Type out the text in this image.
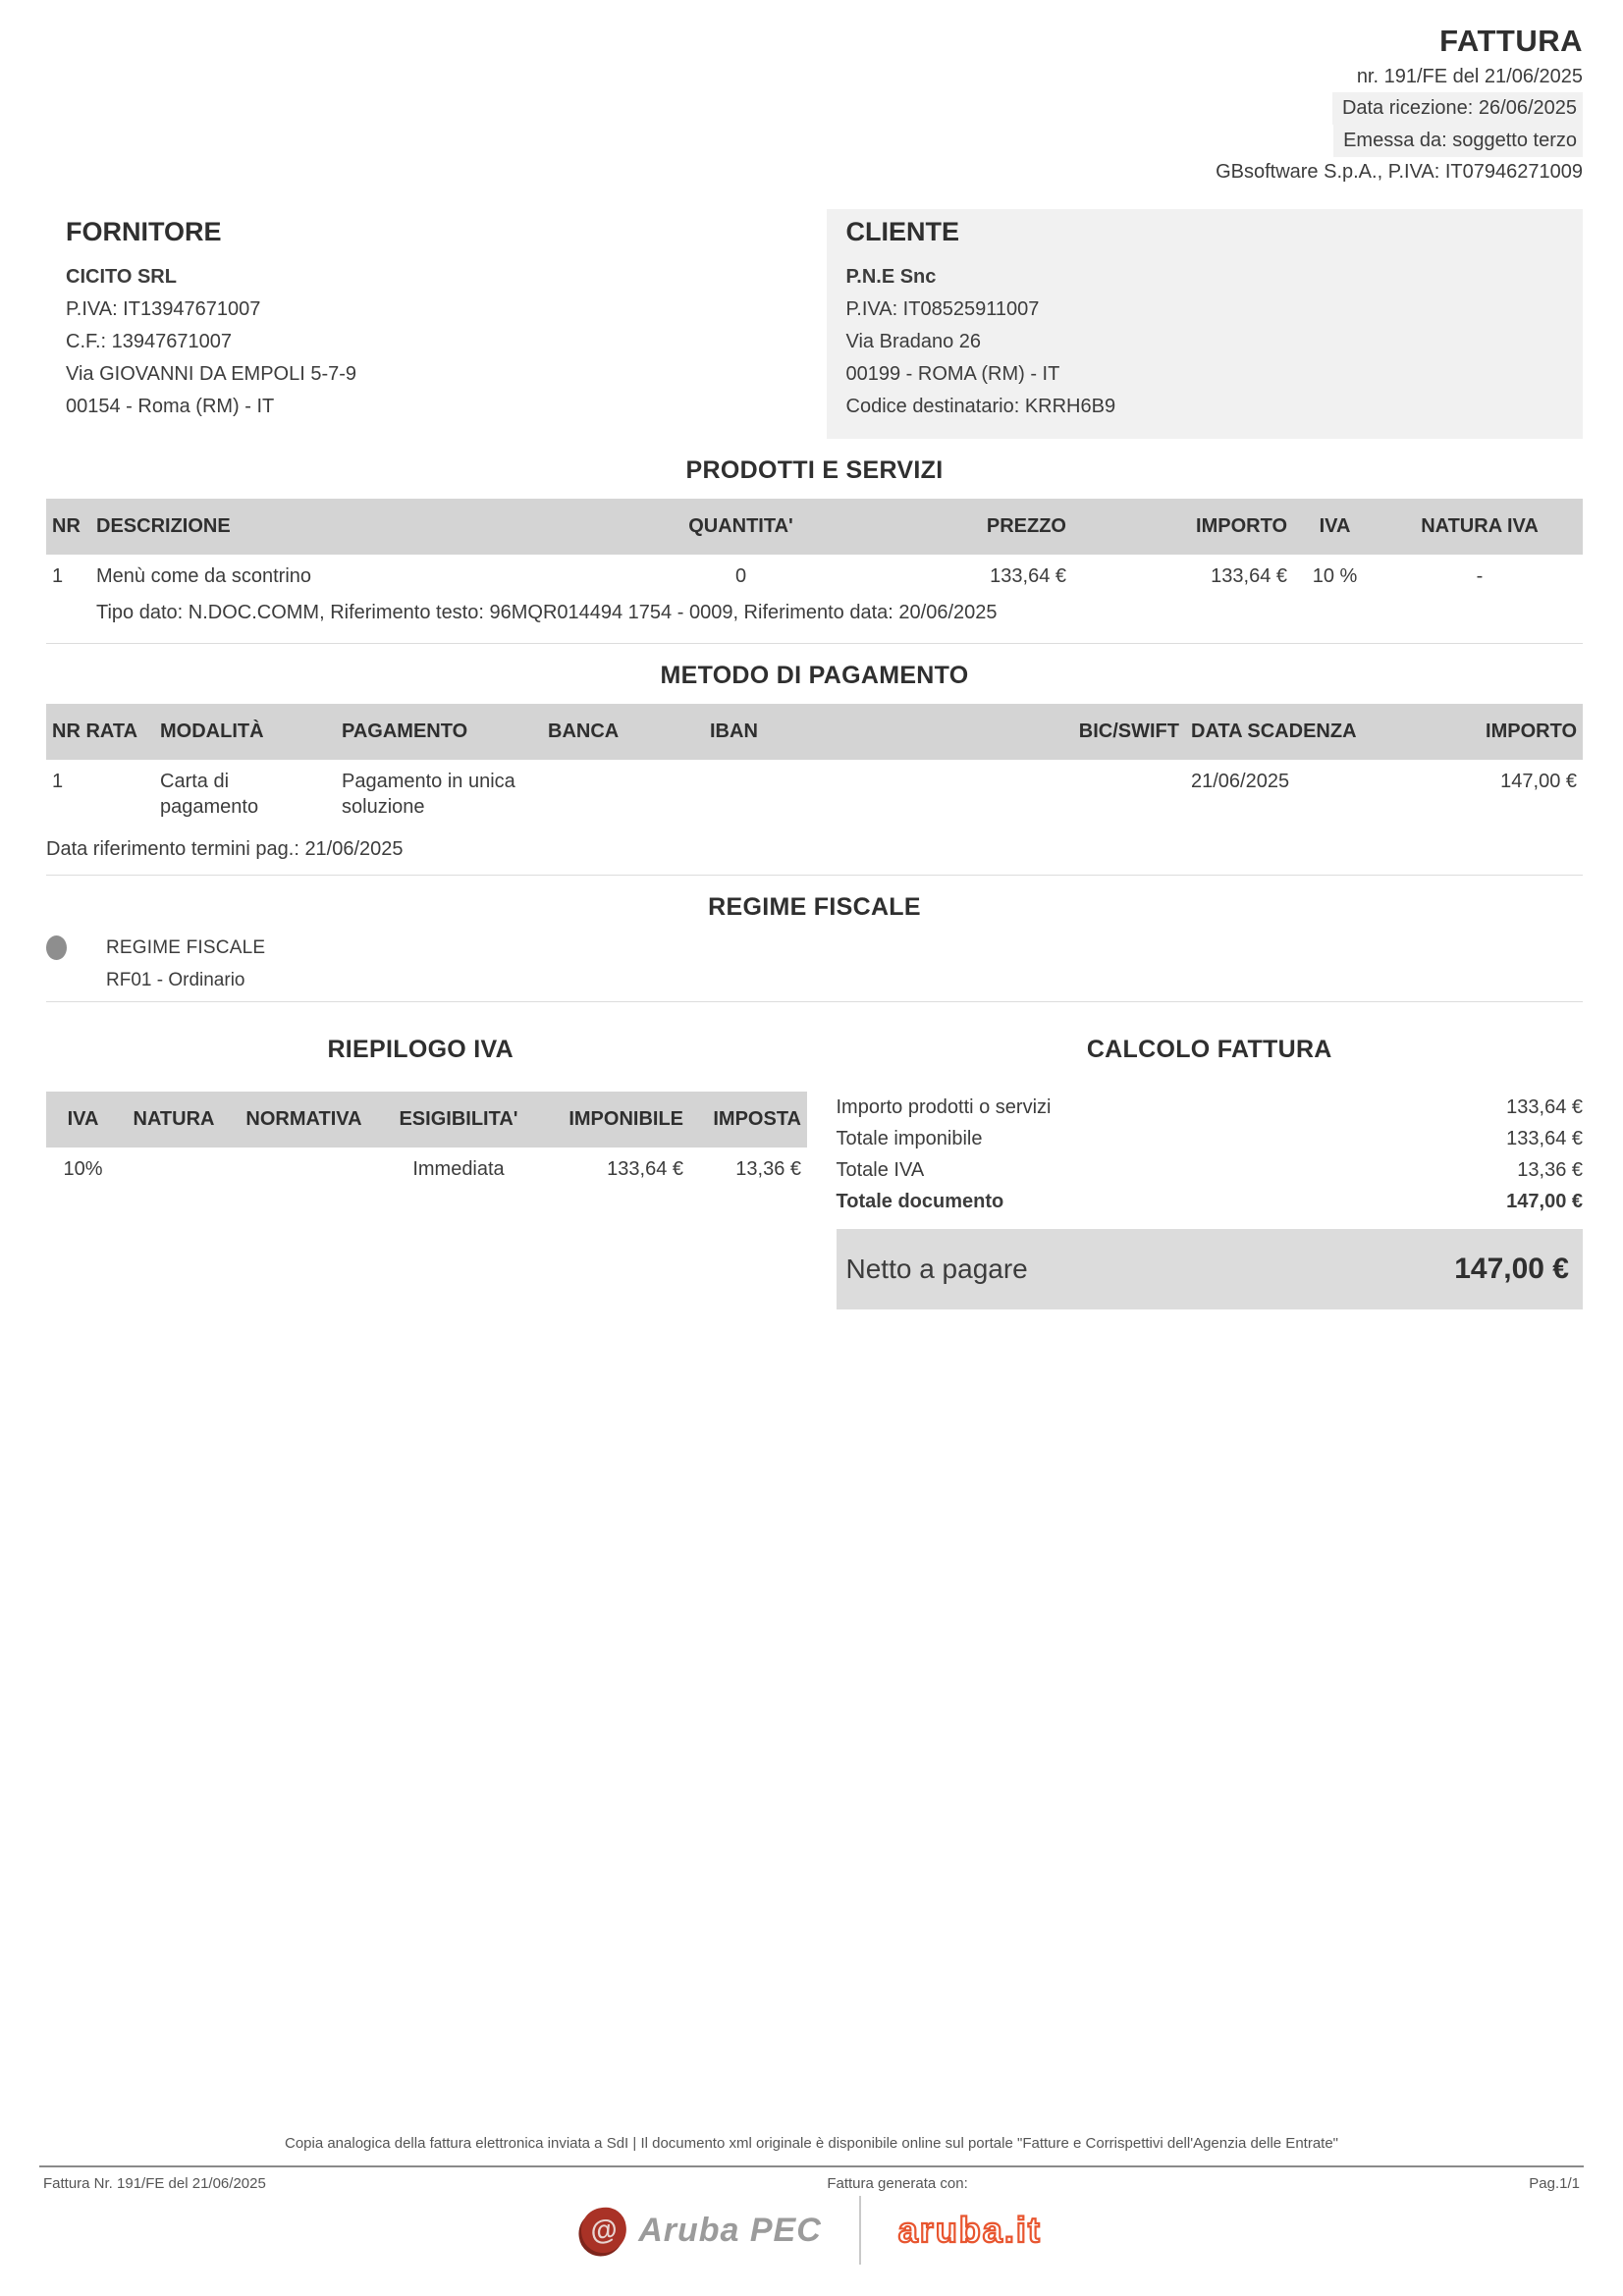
FATTURA
nr. 191/FE del 21/06/2025
Data ricezione: 26/06/2025
Emessa da: soggetto terzo
GBsoftware S.p.A., P.IVA: IT07946271009
FORNITORE
CICITO SRL
P.IVA: IT13947671007
C.F.: 13947671007
Via GIOVANNI DA EMPOLI 5-7-9
00154 - Roma (RM) - IT
CLIENTE
P.N.E Snc
P.IVA: IT08525911007
Via Bradano 26
00199 - ROMA (RM) - IT
Codice destinatario: KRRH6B9
PRODOTTI E SERVIZI
NR	DESCRIZIONE	QUANTITA'	PREZZO	IMPORTO	IVA	NATURA IVA
1	Menù come da scontrino	0	133,64 €	133,64 €	10 %	-
	Tipo dato: N.DOC.COMM, Riferimento testo: 96MQR014494 1754 - 0009, Riferimento data: 20/06/2025					
METODO DI PAGAMENTO
NR RATA	MODALITÀ	PAGAMENTO	BANCA	IBAN	BIC/SWIFT	DATA SCADENZA	IMPORTO
1	Carta di pagamento	Pagamento in unica soluzione				21/06/2025	147,00 €
Data riferimento termini pag.: 21/06/2025
REGIME FISCALE
REGIME FISCALE
RF01 - Ordinario
RIEPILOGO IVA
IVA	NATURA	NORMATIVA	ESIGIBILITA'	IMPONIBILE	IMPOSTA
10%			Immediata	133,64 €	13,36 €
CALCOLO FATTURA
Importo prodotti o servizi	133,64 €
Totale imponibile	133,64 €
Totale IVA	13,36 €
Totale documento	147,00 €
Netto a pagare	147,00 €
Copia analogica della fattura elettronica inviata a SdI | Il documento xml originale è disponibile online sul portale "Fatture e Corrispettivi dell'Agenzia delle Entrate"
Fattura Nr. 191/FE del 21/06/2025	Fattura generata con:	Pag.1/1
@ Aruba PEC aruba.it
